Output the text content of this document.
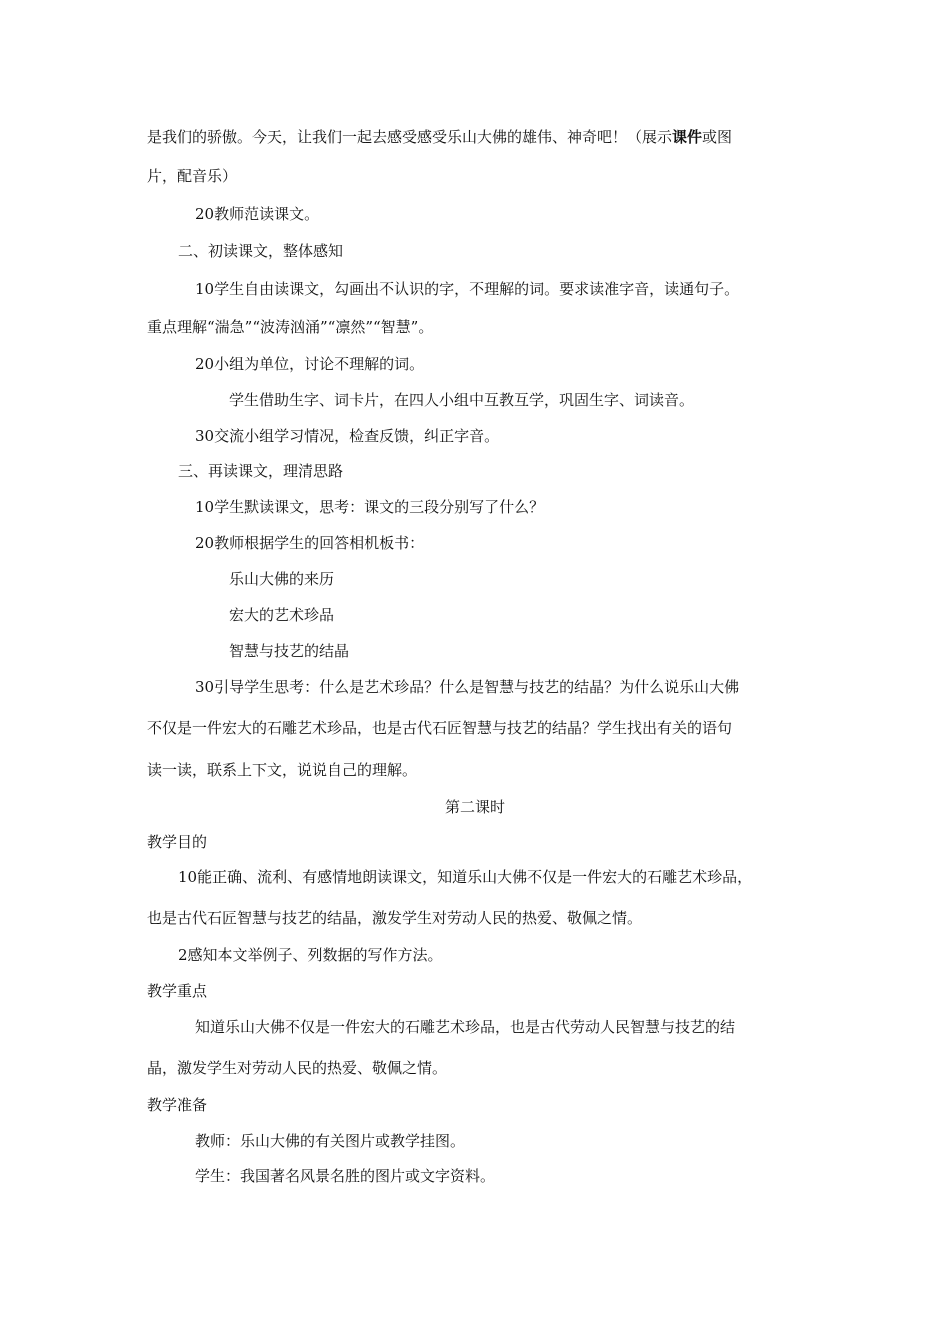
是我们的骄傲。今天，让我们一起去感受感受乐山大佛的雄伟、神奇吧！（展示课件或图
片，配音乐）
20教师范读课文。
二、初读课文，整体感知
10学生自由读课文，勾画出不认识的字，不理解的词。要求读准字音，读通句子。
重点理解“湍急”“波涛汹涌”“凛然”“智慧”。
20小组为单位，讨论不理解的词。
学生借助生字、词卡片，在四人小组中互教互学，巩固生字、词读音。
30交流小组学习情况，检查反馈，纠正字音。
三、再读课文，理清思路
10学生默读课文，思考：课文的三段分别写了什么？
20教师根据学生的回答相机板书：
乐山大佛的来历
宏大的艺术珍品
智慧与技艺的结晶
30引导学生思考：什么是艺术珍品？什么是智慧与技艺的结晶？为什么说乐山大佛
不仅是一件宏大的石雕艺术珍品，也是古代石匠智慧与技艺的结晶？学生找出有关的语句
读一读，联系上下文，说说自己的理解。
第二课时
教学目的
10能正确、流利、有感情地朗读课文，知道乐山大佛不仅是一件宏大的石雕艺术珍品，
也是古代石匠智慧与技艺的结晶，激发学生对劳动人民的热爱、敬佩之情。
2感知本文举例子、列数据的写作方法。
教学重点
知道乐山大佛不仅是一件宏大的石雕艺术珍品，也是古代劳动人民智慧与技艺的结
晶，激发学生对劳动人民的热爱、敬佩之情。
教学准备
教师：乐山大佛的有关图片或教学挂图。
学生：我国著名风景名胜的图片或文字资料。
